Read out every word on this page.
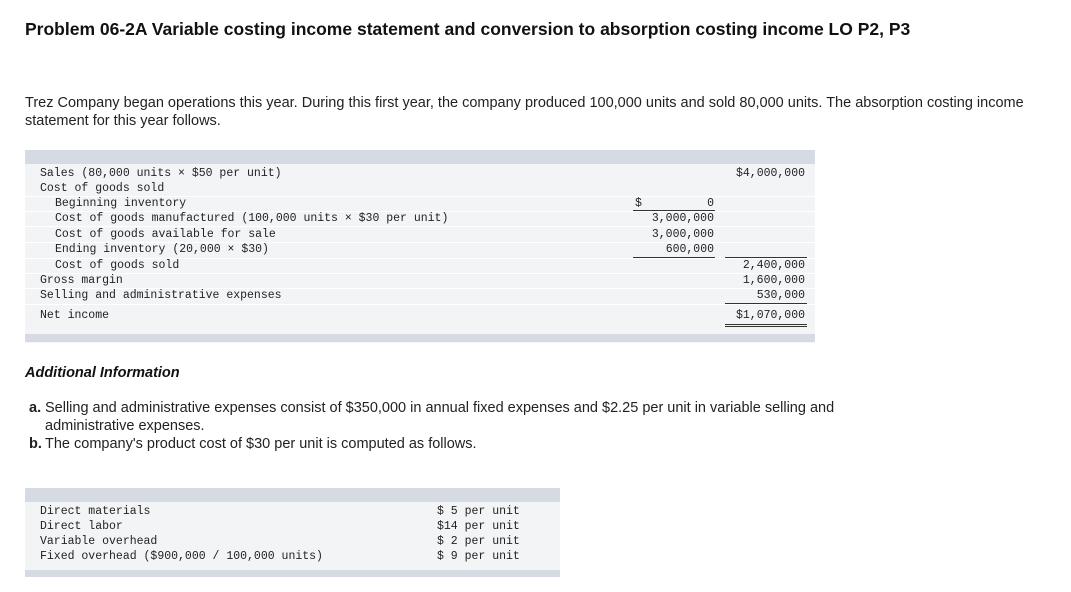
Problem 06-2A Variable costing income statement and conversion to absorption costing income LO P2, P3
Trez Company began operations this year. During this first year, the company produced 100,000 units and sold 80,000 units. The absorption costing income statement for this year follows.
Sales (80,000 units × $50 per unit)	$4,000,000
Cost of goods sold
Beginning inventory	$	0
Cost of goods manufactured (100,000 units × $30 per unit)	3,000,000
Cost of goods available for sale	3,000,000
Ending inventory (20,000 × $30)	600,000
Cost of goods sold	2,400,000
Gross margin	1,600,000
Selling and administrative expenses	530,000
Net income	$1,070,000
Additional Information
a. Selling and administrative expenses consist of $350,000 in annual fixed expenses and $2.25 per unit in variable selling and administrative expenses.
b. The company's product cost of $30 per unit is computed as follows.
Direct materials	$ 5 per unit
Direct labor	$14 per unit
Variable overhead	$ 2 per unit
Fixed overhead ($900,000 / 100,000 units)	$ 9 per unit
